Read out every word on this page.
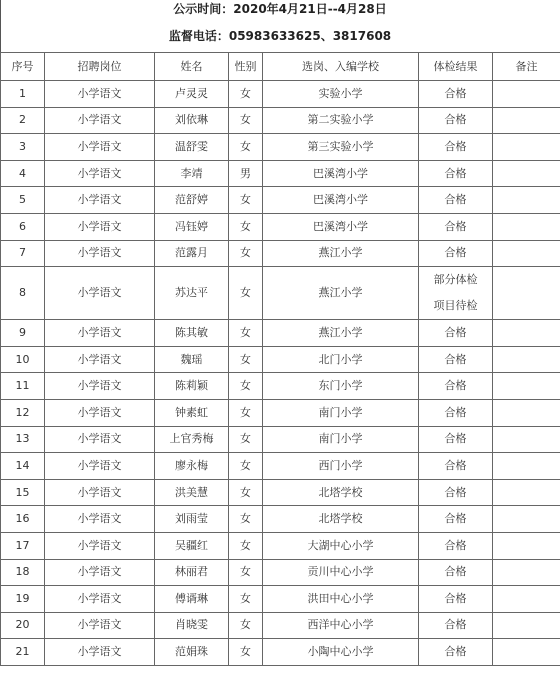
公示时间：2020年4月21日--4月28日
监督电话：05983633625、3817608
序号	招聘岗位	姓名	性别	选岗、入编学校	体检结果	备注
1	小学语文	卢灵灵	女	实验小学	合格	
2	小学语文	刘依琳	女	第二实验小学	合格	
3	小学语文	温舒雯	女	第三实验小学	合格	
4	小学语文	李靖	男	巴溪湾小学	合格	
5	小学语文	范舒婷	女	巴溪湾小学	合格	
6	小学语文	冯钰婷	女	巴溪湾小学	合格	
7	小学语文	范露月	女	燕江小学	合格	
8	小学语文	苏达平	女	燕江小学	部分体检
项目待检	

9	小学语文	陈其敏	女	燕江小学	合格	
10	小学语文	魏瑶	女	北门小学	合格	
11	小学语文	陈莉颖	女	东门小学	合格	
12	小学语文	钟素虹	女	南门小学	合格	
13	小学语文	上官秀梅	女	南门小学	合格	
14	小学语文	廖永梅	女	西门小学	合格	
15	小学语文	洪美慧	女	北塔学校	合格	
16	小学语文	刘雨莹	女	北塔学校	合格	
17	小学语文	吴疆红	女	大湖中心小学	合格	
18	小学语文	林丽君	女	贡川中心小学	合格	
19	小学语文	傅谞琳	女	洪田中心小学	合格	
20	小学语文	肖晓雯	女	西洋中心小学	合格	
21	小学语文	范娟珠	女	小陶中心小学	合格	
